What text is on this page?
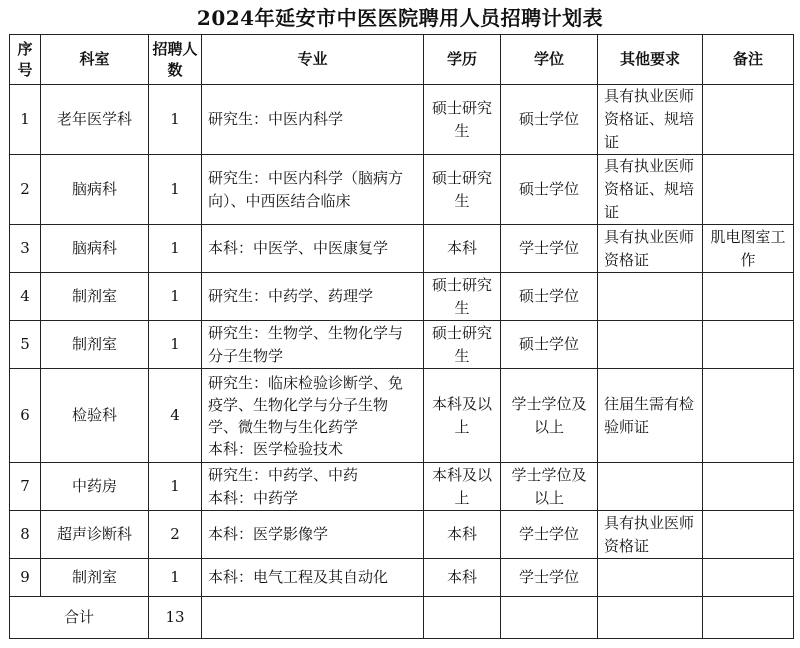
2024年延安市中医医院聘用人员招聘计划表
序号	科室	招聘人数	专业	学历	学位	其他要求	备注
1	老年医学科	1	研究生：中医内科学	硕士研究生	硕士学位	具有执业医师资格证、规培证	
2	脑病科	1	研究生：中医内科学（脑病方向）、中西医结合临床	硕士研究生	硕士学位	具有执业医师资格证、规培证	
3	脑病科	1	本科：中医学、中医康复学	本科	学士学位	具有执业医师资格证	肌电图室工作
4	制剂室	1	研究生：中药学、药理学	硕士研究生	硕士学位		
5	制剂室	1	研究生：生物学、生物化学与分子生物学	硕士研究生	硕士学位		
6	检验科	4	研究生：临床检验诊断学、免疫学、生物化学与分子生物学、微生物与生化药学
本科：医学检验技术	本科及以上	学士学位及以上	往届生需有检验师证	
7	中药房	1	研究生：中药学、中药
本科：中药学	本科及以上	学士学位及以上		
8	超声诊断科	2	本科：医学影像学	本科	学士学位	具有执业医师资格证	
9	制剂室	1	本科：电气工程及其自动化	本科	学士学位		
合计		13					
